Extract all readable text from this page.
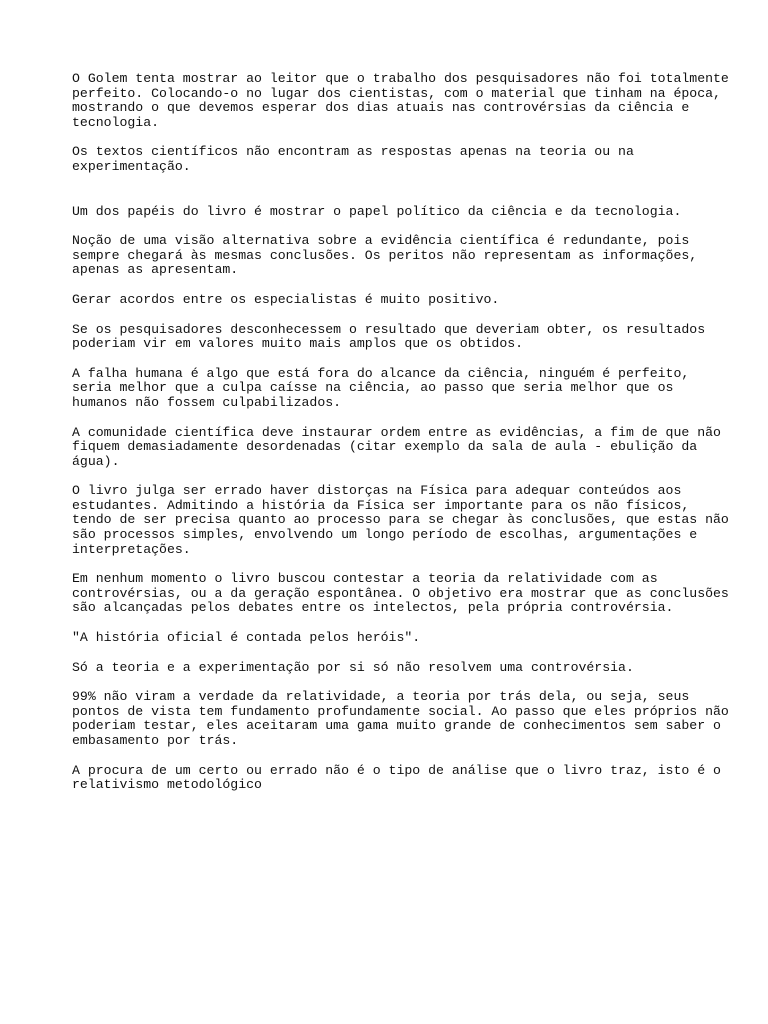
O Golem tenta mostrar ao leitor que o trabalho dos pesquisadores não foi totalmente
perfeito. Colocando-o no lugar dos cientistas, com o material que tinham na época,
mostrando o que devemos esperar dos dias atuais nas controvérsias da ciência e
tecnologia.

Os textos científicos não encontram as respostas apenas na teoria ou na
experimentação.

Um dos papéis do livro é mostrar o papel político da ciência e da tecnologia.

Noção de uma visão alternativa sobre a evidência científica é redundante, pois
sempre chegará às mesmas conclusões. Os peritos não representam as informações,
apenas as apresentam.

Gerar acordos entre os especialistas é muito positivo.

Se os pesquisadores desconhecessem o resultado que deveriam obter, os resultados
poderiam vir em valores muito mais amplos que os obtidos.

A falha humana é algo que está fora do alcance da ciência, ninguém é perfeito,
seria melhor que a culpa caísse na ciência, ao passo que seria melhor que os
humanos não fossem culpabilizados.

A comunidade científica deve instaurar ordem entre as evidências, a fim de que não
fiquem demasiadamente desordenadas (citar exemplo da sala de aula - ebulição da
água).

O livro julga ser errado haver distorças na Física para adequar conteúdos aos
estudantes. Admitindo a história da Física ser importante para os não físicos,
tendo de ser precisa quanto ao processo para se chegar às conclusões, que estas não
são processos simples, envolvendo um longo período de escolhas, argumentações e
interpretações.

Em nenhum momento o livro buscou contestar a teoria da relatividade com as
controvérsias, ou a da geração espontânea. O objetivo era mostrar que as conclusões
são alcançadas pelos debates entre os intelectos, pela própria controvérsia.

"A história oficial é contada pelos heróis".

Só a teoria e a experimentação por si só não resolvem uma controvérsia.

99% não viram a verdade da relatividade, a teoria por trás dela, ou seja, seus
pontos de vista tem fundamento profundamente social. Ao passo que eles próprios não
poderiam testar, eles aceitaram uma gama muito grande de conhecimentos sem saber o
embasamento por trás.

A procura de um certo ou errado não é o tipo de análise que o livro traz, isto é o
relativismo metodológico
